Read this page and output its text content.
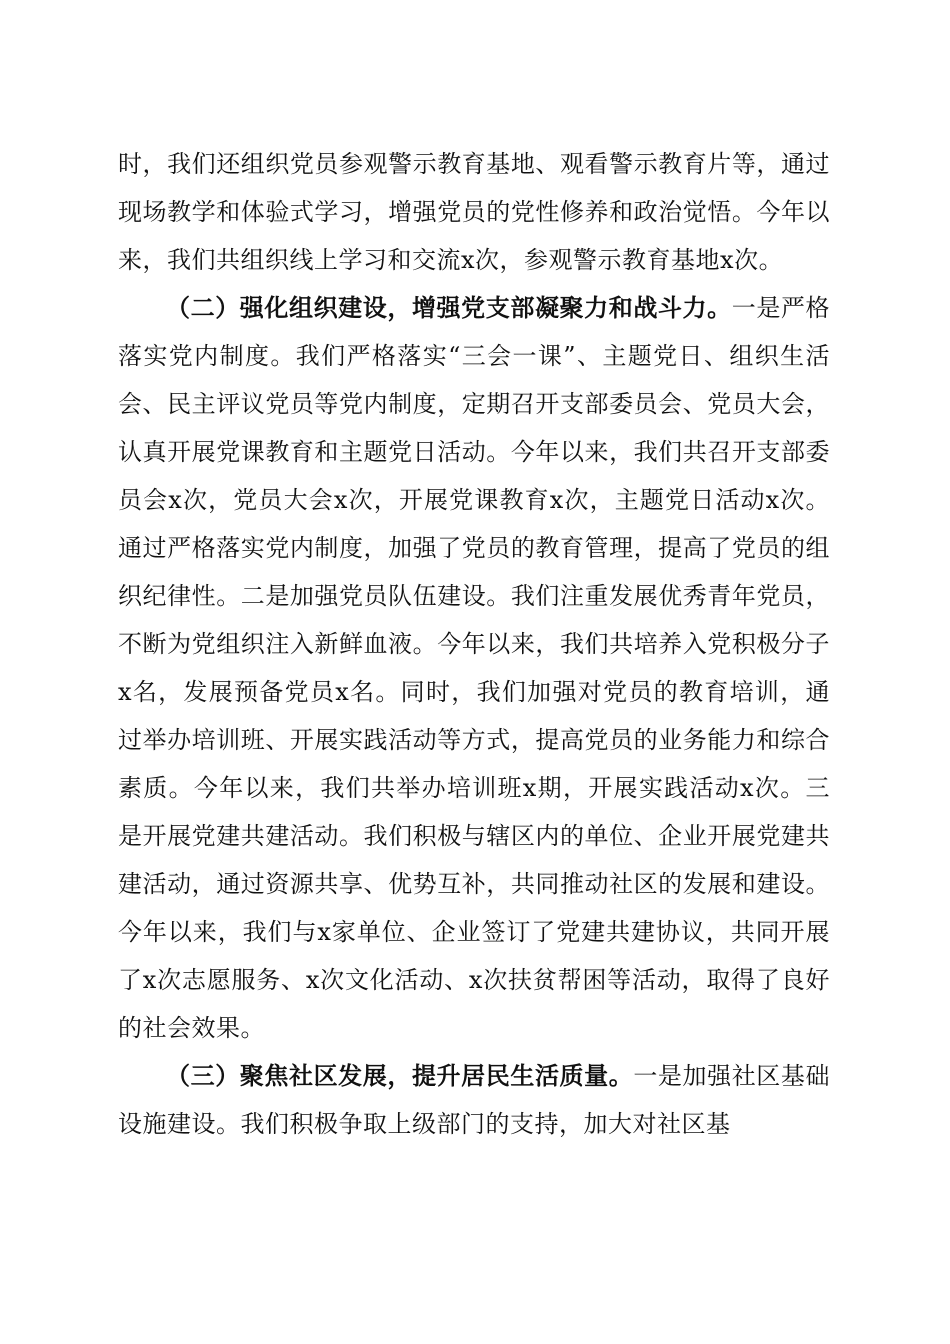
时，我们还组织党员参观警示教育基地、观看警示教育片等，通过现场教学和体验式学习，增强党员的党性修养和政治觉悟。今年以来，我们共组织线上学习和交流x次，参观警示教育基地x次。

（二）强化组织建设，增强党支部凝聚力和战斗力。一是严格落实党内制度。我们严格落实“三会一课”、主题党日、组织生活会、民主评议党员等党内制度，定期召开支部委员会、党员大会，认真开展党课教育和主题党日活动。今年以来，我们共召开支部委员会x次，党员大会x次，开展党课教育x次，主题党日活动x次。通过严格落实党内制度，加强了党员的教育管理，提高了党员的组织纪律性。二是加强党员队伍建设。我们注重发展优秀青年党员，不断为党组织注入新鲜血液。今年以来，我们共培养入党积极分子x名，发展预备党员x名。同时，我们加强对党员的教育培训，通过举办培训班、开展实践活动等方式，提高党员的业务能力和综合素质。今年以来，我们共举办培训班x期，开展实践活动x次。三是开展党建共建活动。我们积极与辖区内的单位、企业开展党建共建活动，通过资源共享、优势互补，共同推动社区的发展和建设。今年以来，我们与x家单位、企业签订了党建共建协议，共同开展了x次志愿服务、x次文化活动、x次扶贫帮困等活动，取得了良好的社会效果。

（三）聚焦社区发展，提升居民生活质量。一是加强社区基础设施建设。我们积极争取上级部门的支持，加大对社区基
